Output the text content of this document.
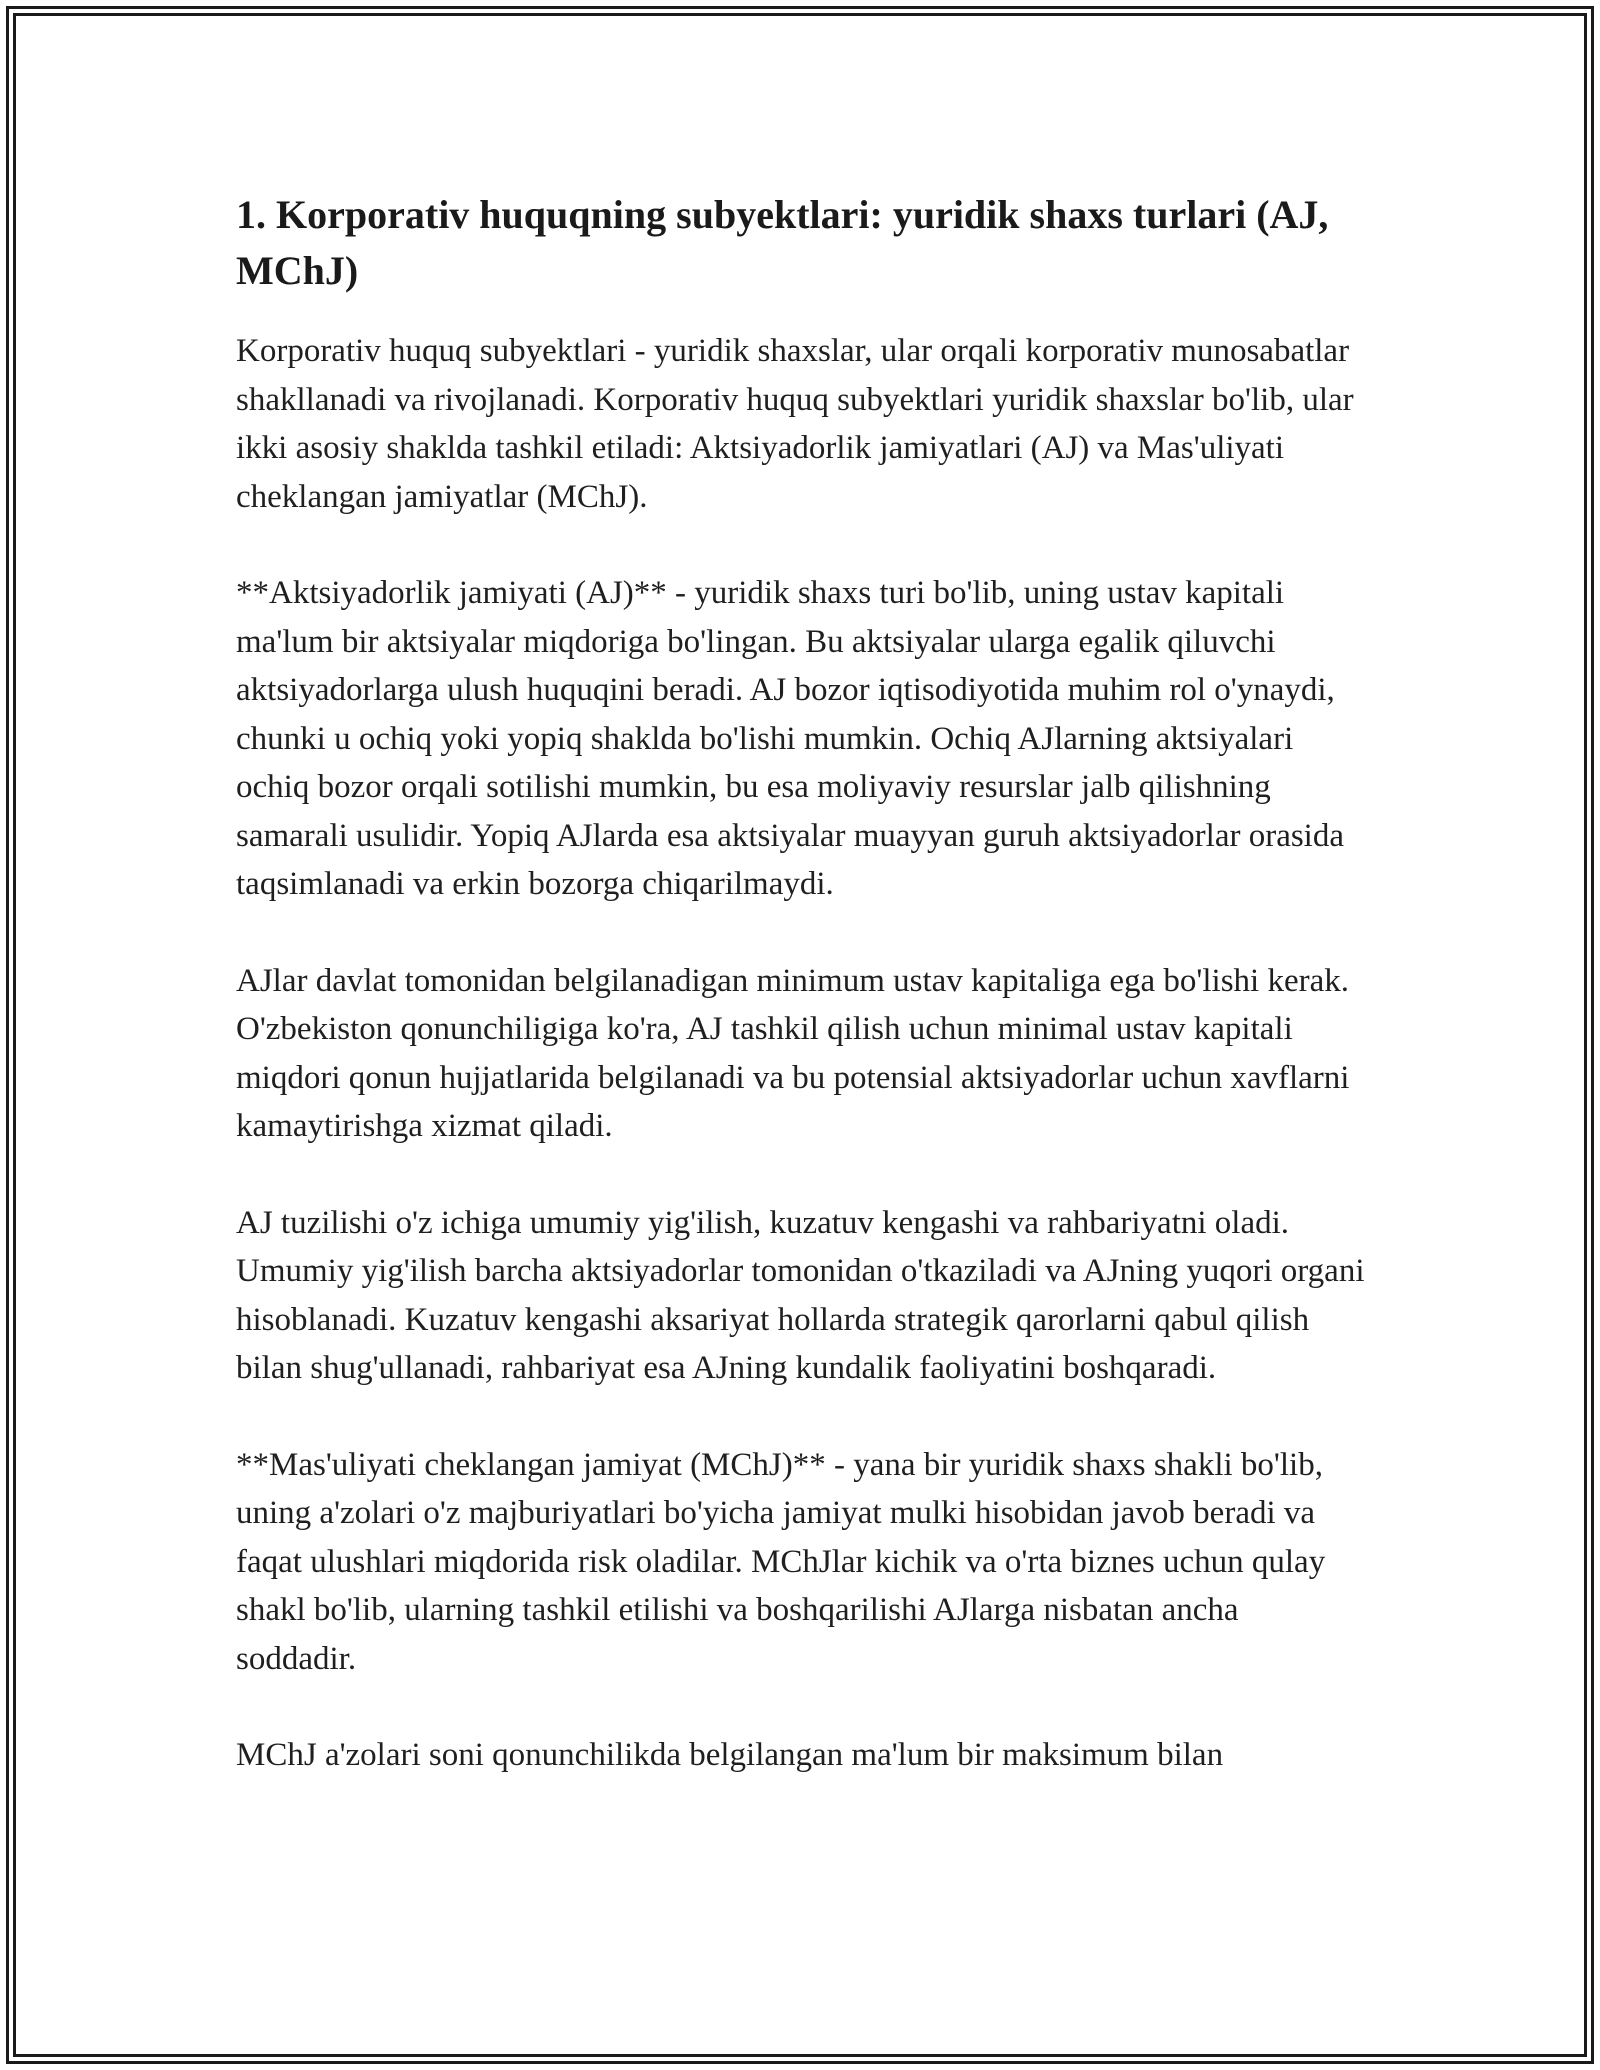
1. Korporativ huquqning subyektlari: yuridik shaxs turlari (AJ, MChJ)

Korporativ huquq subyektlari - yuridik shaxslar, ular orqali korporativ munosabatlar shakllanadi va rivojlanadi. Korporativ huquq subyektlari yuridik shaxslar bo'lib, ular ikki asosiy shaklda tashkil etiladi: Aktsiyadorlik jamiyatlari (AJ) va Mas'uliyati cheklangan jamiyatlar (MChJ).

**Aktsiyadorlik jamiyati (AJ)** - yuridik shaxs turi bo'lib, uning ustav kapitali ma'lum bir aktsiyalar miqdoriga bo'lingan. Bu aktsiyalar ularga egalik qiluvchi aktsiyadorlarga ulush huquqini beradi. AJ bozor iqtisodiyotida muhim rol o'ynaydi, chunki u ochiq yoki yopiq shaklda bo'lishi mumkin. Ochiq AJlarning aktsiyalari ochiq bozor orqali sotilishi mumkin, bu esa moliyaviy resurslar jalb qilishning samarali usulidir. Yopiq AJlarda esa aktsiyalar muayyan guruh aktsiyadorlar orasida taqsimlanadi va erkin bozorga chiqarilmaydi.

AJlar davlat tomonidan belgilanadigan minimum ustav kapitaliga ega bo'lishi kerak. O'zbekiston qonunchiligiga ko'ra, AJ tashkil qilish uchun minimal ustav kapitali miqdori qonun hujjatlarida belgilanadi va bu potensial aktsiyadorlar uchun xavflarni kamaytirishga xizmat qiladi.

AJ tuzilishi o'z ichiga umumiy yig'ilish, kuzatuv kengashi va rahbariyatni oladi. Umumiy yig'ilish barcha aktsiyadorlar tomonidan o'tkaziladi va AJning yuqori organi hisoblanadi. Kuzatuv kengashi aksariyat hollarda strategik qarorlarni qabul qilish bilan shug'ullanadi, rahbariyat esa AJning kundalik faoliyatini boshqaradi.

**Mas'uliyati cheklangan jamiyat (MChJ)** - yana bir yuridik shaxs shakli bo'lib, uning a'zolari o'z majburiyatlari bo'yicha jamiyat mulki hisobidan javob beradi va faqat ulushlari miqdorida risk oladilar. MChJlar kichik va o'rta biznes uchun qulay shakl bo'lib, ularning tashkil etilishi va boshqarilishi AJlarga nisbatan ancha soddadir.

MChJ a'zolari soni qonunchilikda belgilangan ma'lum bir maksimum bilan
